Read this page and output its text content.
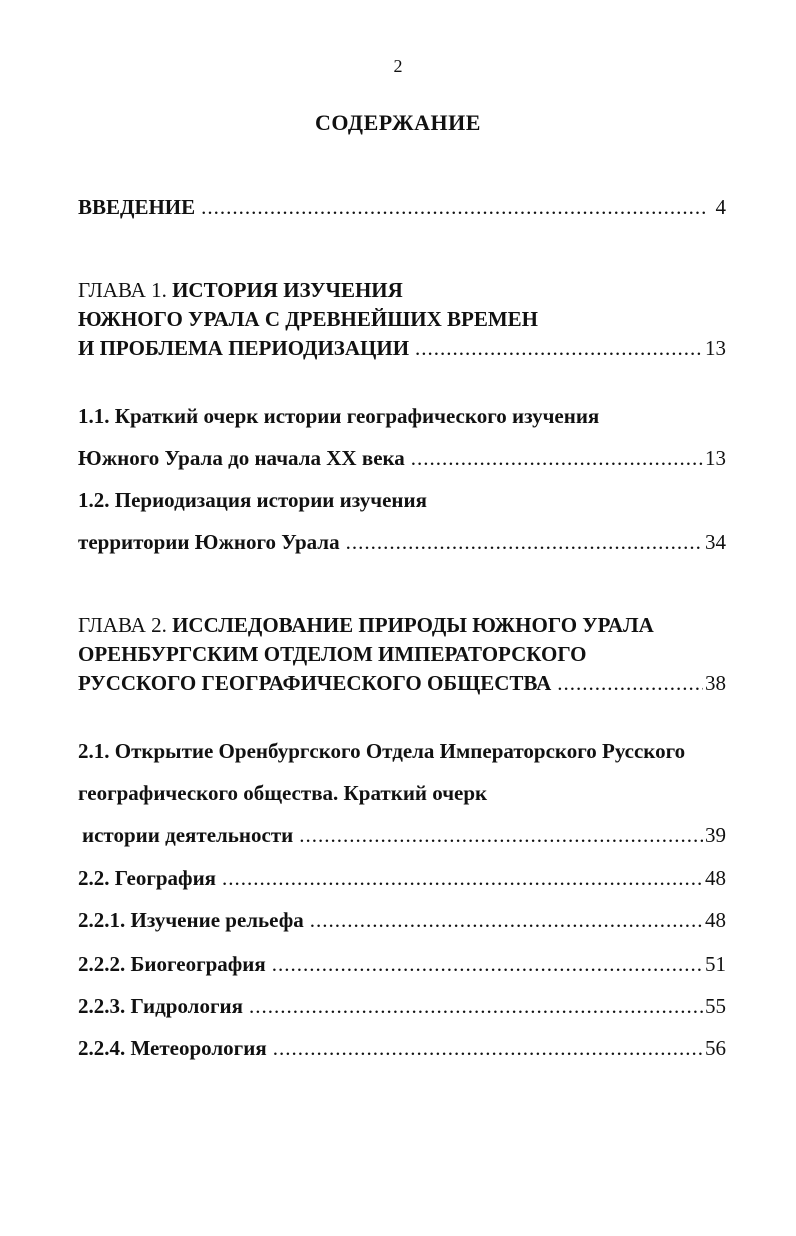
2
СОДЕРЖАНИЕ
ВВЕДЕНИЕ .....	4
ГЛАВА 1. ИСТОРИЯ ИЗУЧЕНИЯ
ЮЖНОГО УРАЛА С ДРЕВНЕЙШИХ ВРЕМЕН
И ПРОБЛЕМА ПЕРИОДИЗАЦИИ .....	13
1.1. Краткий очерк истории географического изучения
Южного Урала до начала XX века .....	13
1.2. Периодизация истории изучения
территории Южного Урала .....	34
ГЛАВА 2. ИССЛЕДОВАНИЕ ПРИРОДЫ ЮЖНОГО УРАЛА
ОРЕНБУРГСКИМ ОТДЕЛОМ ИМПЕРАТОРСКОГО
РУССКОГО ГЕОГРАФИЧЕСКОГО ОБЩЕСТВА .....	38
2.1. Открытие Оренбургского Отдела Императорского Русского
географического общества. Краткий очерк
истории деятельности .....	39
2.2. География .....	48
2.2.1. Изучение рельефа .....	48
2.2.2. Биогеография .....	51
2.2.3. Гидрология .....	55
2.2.4. Метеорология .....	56
